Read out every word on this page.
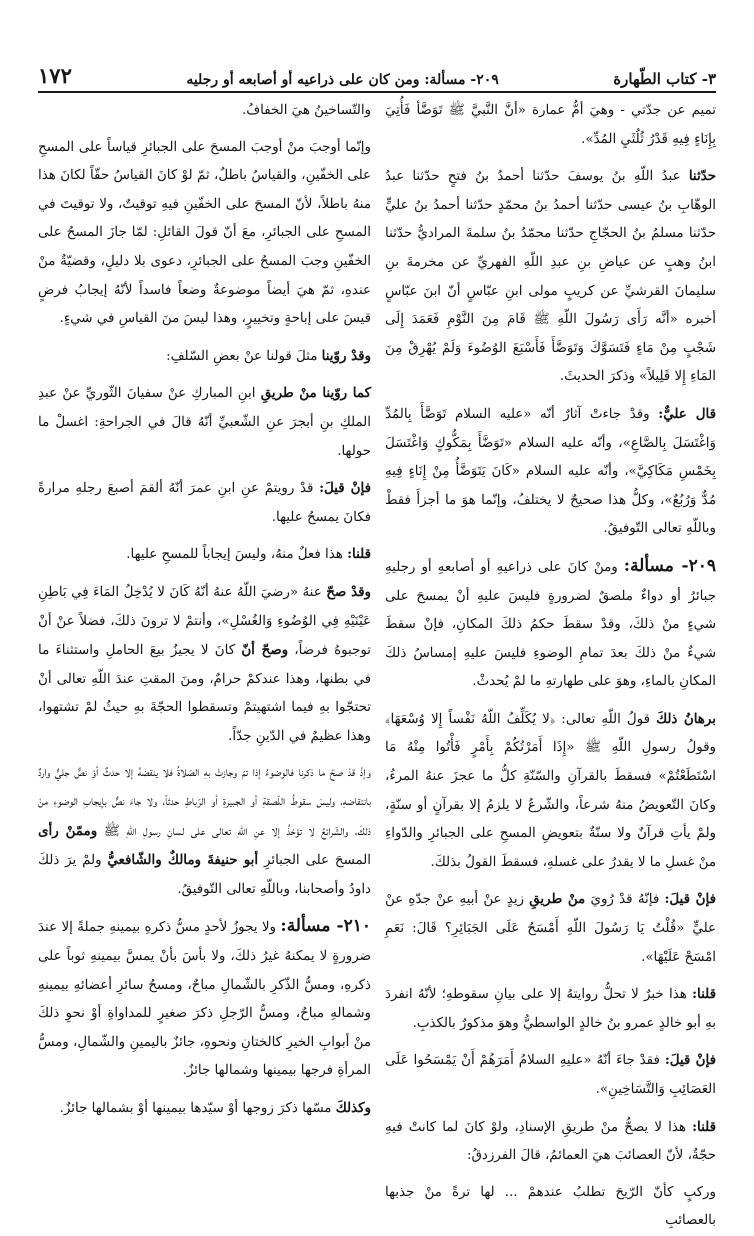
٣- كتاب الطّهارة
٢٠٩- مسألة: ومن كان على ذراعيه أو أصابعه أو رجليه
١٧٢

تميم عن جدّتي - وهيَ أمُّ عمارة «أنَّ النَّبيَّ ﷺ تَوَضَّأ فَأُتِيَ بِإِنَاءٍ فِيهِ قَدْرُ ثُلُثَيِ المُدِّ».

حدّثنا عبدُ اللّهِ بنُ يوسفَ حدّثنا أحمدُ بنُ فتحٍ حدّثنا عبدُ الوهّابِ بنُ عيسى حدّثنا أحمدُ بنُ محمّدٍ حدّثنا أحمدُ بنُ عليٍّ حدّثنا مسلمُ بنُ الحجّاجِ حدّثنا محمّدُ بنُ سلمةَ المراديُّ حدّثنا ابنُ وهبٍ عن عياضِ بنِ عبدِ اللّهِ الفهريِّ عن مخرمةَ بنِ سليمانَ القرشيِّ عن كريبٍ مولى ابنِ عبّاسٍ أنّ ابنَ عبّاسٍ أخبره «أنَّه رَأَى رَسُولَ اللّهِ ﷺ قَامَ مِنَ النَّوْمِ فَعَمَدَ إِلَى شَجْبٍ مِنْ مَاءٍ فَتَسَوَّكَ وَتَوَضَّأَ فَأَسْبَغَ الوُضُوءَ وَلَمْ يُهْرِقْ مِنَ المَاءِ إِلا قَلِيلاً» وذكرَ الحديثَ.

قال عليٌّ: وقدْ جاءتْ آثارٌ أنّه «عليه السلام تَوَضَّأَ بِالمُدِّ وَاغْتَسَلَ بِالصَّاعِ»، وأنّه عليه السلام «تَوَضَّأَ بِمَكُّوكٍ وَاغْتَسَلَ بِخَمْسِ مَكَاكِيَّ»، وأنّه عليه السلام «كَانَ يَتَوَضَّأُ مِنْ إِنَاءٍ فِيهِ مُدٌّ وَرُبُعٌ»، وكلُّ هذا صحيحٌ لا يختلفُ، وإنّما هوَ ما أجزأَ فقطْ وباللّهِ تعالى التّوفيقُ.

٢٠٩- مسألة: ومنْ كانَ على ذراعيهِ أو أصابعهِ أو رجليهِ جبائرُ أو دواءٌ ملصقٌ لضرورةٍ فليسَ عليهِ أنْ يمسحَ على شيءٍ منْ ذلكَ، وقدْ سقطَ حكمُ ذلكَ المكانِ، فإنْ سقطَ شيءٌ منْ ذلكَ بعدَ تمامِ الوضوءِ فليسَ عليهِ إمساسُ ذلكَ المكانِ بالماءِ، وهوَ على طهارتهِ ما لمْ يُحدثْ.

برهانُ ذلكَ قولُ اللّهِ تعالى: ﴿لا يُكَلِّفُ اللّهُ نَفْساً إِلا وُسْعَهَا﴾ وقولُ رسولِ اللّهِ ﷺ «إِذَا أَمَرْتُكُمْ بِأَمْرٍ فَأْتُوا مِنْهُ مَا اسْتَطَعْتُمْ» فسقطَ بالقرآنِ والسّنّةِ كلُّ ما عجزَ عنهُ المرءُ، وكانَ التّعويضُ منهُ شرعاً، والشّرعُ لا يلزمُ إلا بقرآنٍ أو سنّةٍ، ولمْ يأتِ قرآنٌ ولا سنّةٌ بتعويضِ المسحِ على الجبائرِ والدّواءِ منْ غسلِ ما لا يقدرُ على غسلهِ، فسقطَ القولُ بذلكَ.

فإنْ قيلَ: فإنّهُ قدْ رُويَ منْ طريقِ زيدٍ عنْ أبيهِ عنْ جدّهِ عنْ عليٍّ «قُلْتُ يَا رَسُولَ اللّهِ أَمْسَحُ عَلَى الجَبَائِرِ؟ قَالَ: نَعَمِ امْسَحْ عَلَيْهَا».

قلنا: هذا خبرٌ لا تحلُّ روايتهُ إلا على بيانِ سقوطهِ؛ لأنّهُ انفردَ بهِ أبو خالدٍ عمرو بنُ خالدٍ الواسطيُّ وهوَ مذكورٌ بالكذبِ.

فإنْ قيلَ: فقدْ جاءَ أنّهُ «عليهِ السلامُ أَمَرَهُمْ أَنْ يَمْسَحُوا عَلَى العَصَائِبِ وَالتَّسَاخِينِ».

قلنا: هذا لا يصحُّ منْ طريقِ الإسنادِ، ولوْ كانَ لما كانتْ فيهِ حجّةٌ، لأنّ العصائبَ هيَ العمائمُ، قالَ الفرزدقُ:

وركبٍ كأنّ الرّيحَ تطلبُ عندهمْ ... لها ترةً منْ جذبها بالعصائبِ

والتّساخينُ هيَ الخفافُ.

وإنّما أوجبَ منْ أوجبَ المسحَ على الجبائرِ قياساً على المسحِ على الخفّينِ، والقياسُ باطلٌ، ثمّ لوْ كانَ القياسُ حقّاً لكانَ هذا منهُ باطلاً، لأنّ المسحَ على الخفّينِ فيهِ توقيتٌ، ولا توقيتَ في المسحِ على الجبائرِ، معَ أنّ قولَ القائلِ: لمّا جازَ المسحُ على الخفّينِ وجبَ المسحُ على الجبائرِ، دعوى بلا دليلٍ، وقضيّةٌ منْ عندهِ، ثمّ هيَ أيضاً موضوعةٌ وضعاً فاسداً لأنّهُ إيجابُ فرضٍ قيسَ على إباحةٍ وتخييرٍ، وهذا ليسَ منَ القياسِ في شيءٍ.

وقدْ روّينا مثلَ قولنا عنْ بعضِ السّلفِ:

كما روّينا منْ طريقِ ابنِ المباركِ عنْ سفيانَ الثّوريِّ عنْ عبدِ الملكِ بنِ أبجرَ عنِ الشّعبيِّ أنّهُ قالَ في الجراحةِ: اغسلْ ما حولها.

فإنْ قيلَ: قدْ رويتمْ عنِ ابنِ عمرَ أنّهُ ألقمَ أصبعَ رجلهِ مرارةً فكانَ يمسحُ عليها.

قلنا: هذا فعلٌ منهُ، وليسَ إيجاباً للمسحِ عليها.

وقدْ صحّ عنهُ «رضيَ اللّهُ عنهُ أنّهُ كَانَ لا يُدْخِلُ المَاءَ فِي بَاطِنِ عَيْنَيْهِ فِي الوُضُوءِ وَالغُسْلِ»، وأنتمْ لا ترونَ ذلكَ، فضلاً عنْ أنْ توجبوهُ فرضاً، وصحّ أنّ كانَ لا يجيزُ بيعَ الحاملِ واستثناءَ ما في بطنها، وهذا عندكمْ حرامٌ، ومنَ المقتِ عندَ اللّهِ تعالى أنْ تحتجّوا بهِ فيما اشتهيتمْ وتسقطوا الحجّةَ بهِ حيثُ لمْ تشتهوا، وهذا عظيمٌ في الدّينِ جدّاً.

وإذْ قدْ صحّ ما ذكرنا فالوضوءُ إذا تمّ وجازتْ بهِ الصّلاةُ فلا ينقضهُ إلا حدثٌ أوْ نصٌّ جليٌّ واردٌ بانتقاضهِ، وليسَ سقوطُ اللّصقةِ أو الجبيرةِ أو الرّباطِ حدثاً، ولا جاءَ نصٌّ بإيجابِ الوضوءِ منْ ذلكَ، والشّرائعُ لا تؤخذُ إلا عنِ اللّهِ تعالى على لسانِ رسولِ اللّهِ ﷺ وممّنْ رأى المسحَ على الجبائرِ أبو حنيفةَ ومالكٌ والشّافعيُّ ولمْ يرَ ذلكَ داودُ وأصحابنا، وباللّهِ تعالى التّوفيقُ.

٢١٠- مسألة: ولا يجوزُ لأحدٍ مسُّ ذكرهِ بيمينهِ جملةً إلا عندَ ضرورةٍ لا يمكنهُ غيرُ ذلكَ، ولا بأسَ بأنْ يمسَّ بيمينهِ ثوباً على ذكرهِ، ومسُّ الذّكرِ بالشّمالِ مباحٌ، ومسحُ سائرِ أعضائهِ بيمينهِ وشمالهِ مباحٌ، ومسُّ الرّجلِ ذكرَ صغيرٍ للمداواةِ أوْ نحوِ ذلكَ منْ أبوابِ الخيرِ كالختانِ ونحوهِ، جائزٌ باليمينِ والشّمالِ، ومسُّ المرأةِ فرجها بيمينها وشمالها جائزٌ.

وكذلكَ مسّها ذكرَ زوجها أوْ سيّدها بيمينها أوْ بشمالها جائزٌ.
